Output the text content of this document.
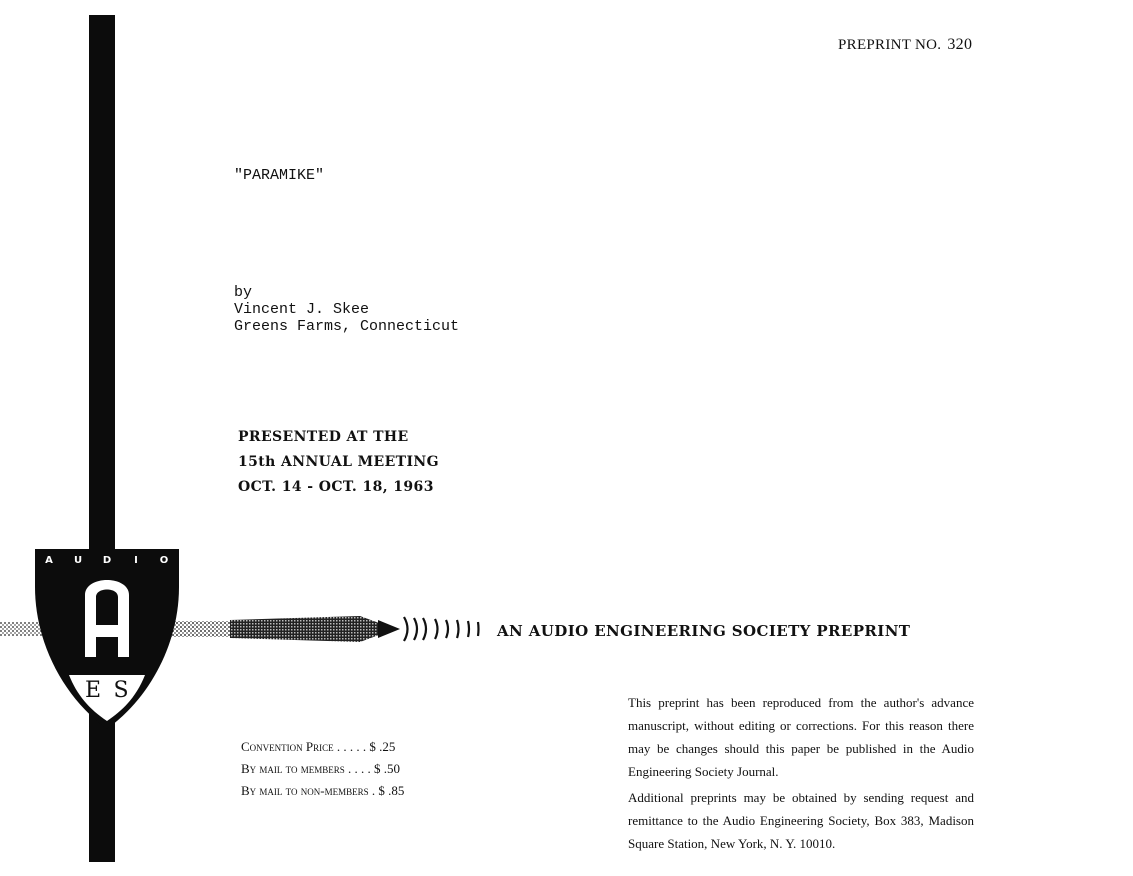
PREPRINT NO. 320
"PARAMIKE"
by
Vincent J. Skee
Greens Farms, Connecticut
PRESENTED AT THE
15th ANNUAL MEETING
OCT. 14 - OCT. 18, 1963
A U D I O
E S
AN AUDIO ENGINEERING SOCIETY PREPRINT
Convention Price . . . . . $ .25
By mail to members . . . . $ .50
By mail to non-members . $ .85

This preprint has been reproduced from the author's advance manuscript, without editing or corrections. For this reason there may be changes should this paper be published in the Audio Engineering Society Journal.

Additional preprints may be obtained by sending request and remittance to the Audio Engineering Society, Box 383, Madison Square Station, New York, N. Y. 10010.
